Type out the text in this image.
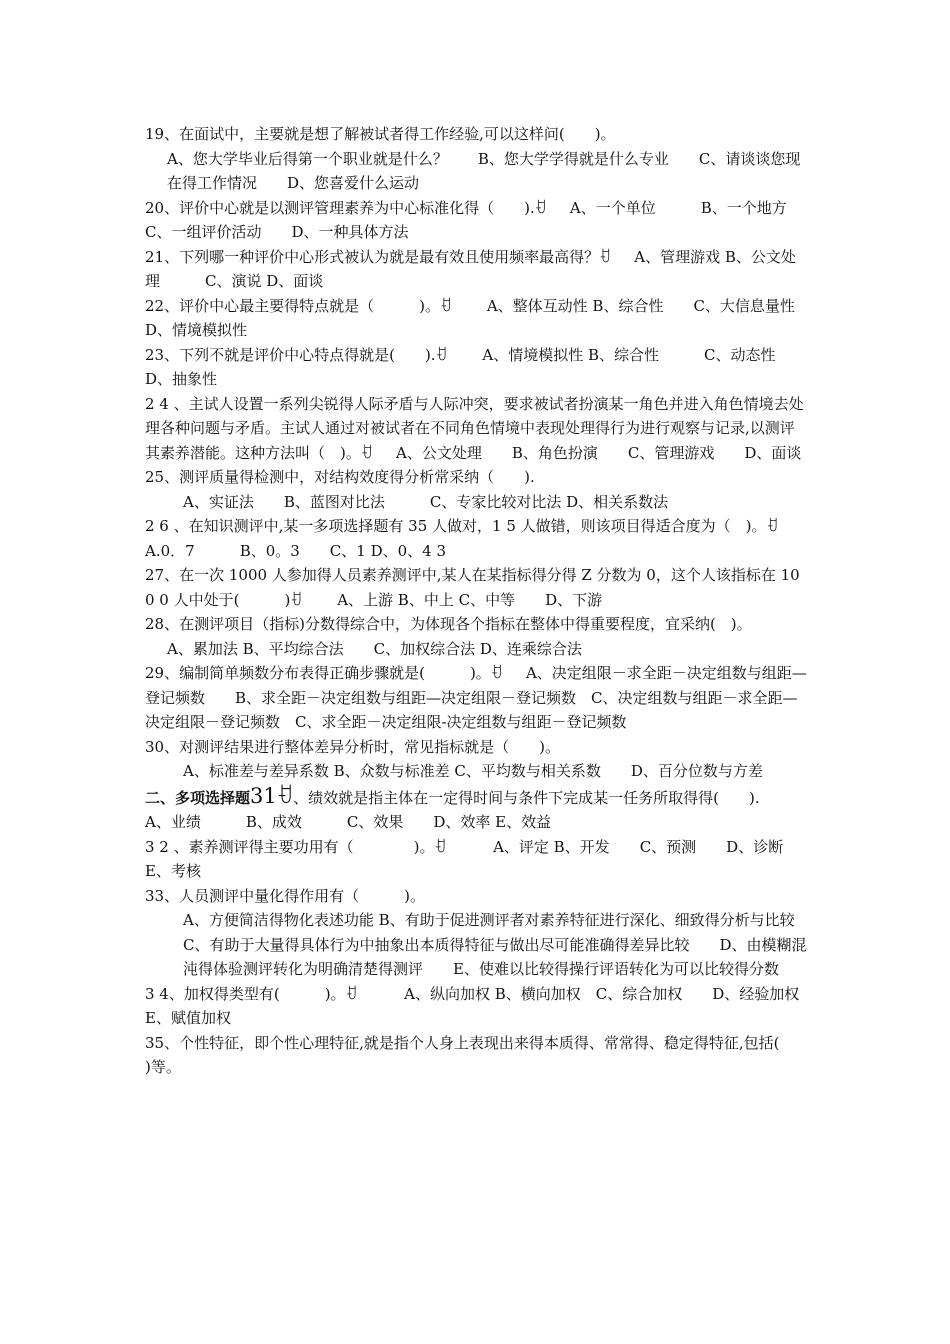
19、在面试中，主要就是想了解被试者得工作经验,可以这样问(　　)。

A、您大学毕业后得第一个职业就是什么？　　B、您大学学得就是什么专业　　C、请谈谈您现在得工作情况　　D、您喜爱什么运动

20、评价中心就是以测评管理素养为中心标准化得（　　).ꀀ　　A、一个单位　　　B、一个地方　　C、一组评价活动　　D、一种具体方法

21、下列哪一种评价中心形式被认为就是最有效且使用频率最高得？ꀀ　　A、管理游戏 B、公文处理　　　C、演说 D、面谈

22、评价中心最主要得特点就是（　　　)。ꀀ　　　A、整体互动性 B、综合性　　C、大信息量性 D、情境模拟性

23、下列不就是评价中心特点得就是(　　).ꀀ　　　A、情境模拟性 B、综合性　　　C、动态性　　D、抽象性

2 4 、主试人设置一系列尖锐得人际矛盾与人际冲突，要求被试者扮演某一角色并进入角色情境去处理各种问题与矛盾。主试人通过对被试者在不同角色情境中表现处理得行为进行观察与记录,以测评其素养潜能。这种方法叫（　)。ꀀ　　A、公文处理　　B、角色扮演　　C、管理游戏　　D、面谈

25、测评质量得检测中，对结构效度得分析常采纳（　　).

A、实证法　　B、蓝图对比法　　　C、专家比较对比法 D、相关系数法

2 6 、在知识测评中,某一多项选择题有 35 人做对，1 5 人做错，则该项目得适合度为（　)。ꀀ　　A.0．7　　　B、0。3　　C、1 D、0、4 3

27、在一次 1000 人参加得人员素养测评中,某人在某指标得分得 Z 分数为 0，这个人该指标在 10 0 0 人中处于(　　　)ꀀ　　　A、上游 B、中上 C、中等　　D、下游

28、在测评项目（指标)分数得综合中，为体现各个指标在整体中得重要程度，宜采纳(　)。

A、累加法 B、平均综合法　　C、加权综合法 D、连乘综合法

29、编制简单频数分布表得正确步骤就是(　　　)。ꀀ　　A、决定组限－求全距－决定组数与组距—登记频数　　B、求全距－决定组数与组距—决定组限－登记频数　C、决定组数与组距－求全距—决定组限－登记频数　C、求全距－决定组限-决定组数与组距－登记频数

30、对测评结果进行整体差异分析时，常见指标就是（　　)。

A、标准差与差异系数 B、众数与标准差 C、平均数与相关系数　　D、百分位数与方差

二、多项选择题31ꀀ、绩效就是指主体在一定得时间与条件下完成某一任务所取得得(　　).　　A、业绩　　　B、成效　　　C、效果　　D、效率 E、效益

3 2 、素养测评得主要功用有（　　　　)。ꀀ　　　　A、评定 B、开发　　C、预测　　D、诊断　E、考核

33、人员测评中量化得作用有（　　　)。

A、方便简洁得物化表述功能 B、有助于促进测评者对素养特征进行深化、细致得分析与比较　　　C、有助于大量得具体行为中抽象出本质得特征与做出尽可能准确得差异比较　　D、由模糊混沌得体验测评转化为明确清楚得测评　　E、使难以比较得操行评语转化为可以比较得分数

3 4、加权得类型有(　　　)。ꀀ　　　　A、纵向加权 B、横向加权　C、综合加权　　D、经验加权　　E、赋值加权

35、个性特征，即个性心理特征,就是指个人身上表现出来得本质得、常常得、稳定得特征,包括(　　)等。
